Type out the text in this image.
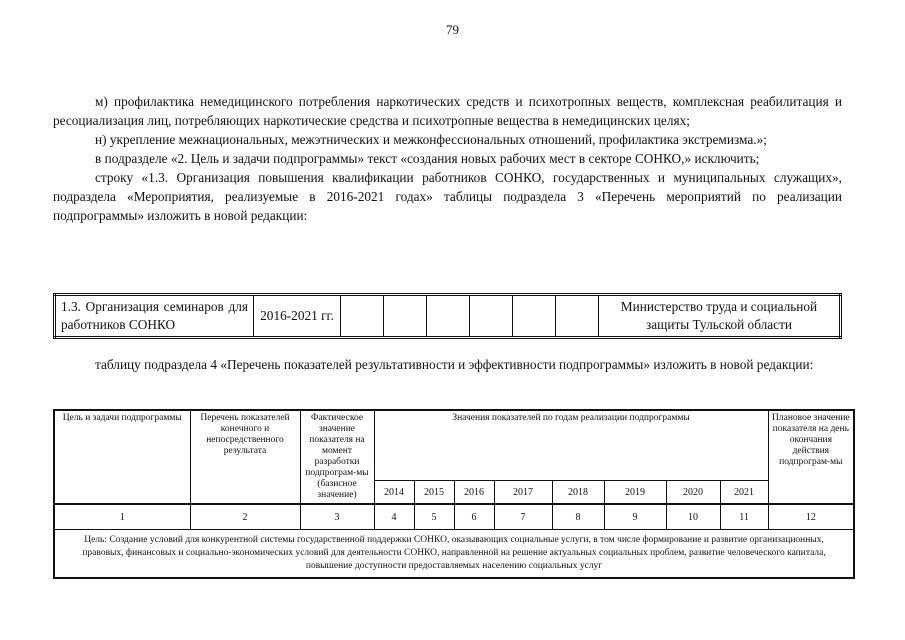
79

м) профилактика немедицинского потребления наркотических средств и психотропных веществ, комплексная реабилитация и ресоциализация лиц, потребляющих наркотические средства и психотропные вещества в немедицинских целях;

н) укрепление межнациональных, межэтнических и межконфессиональных отношений, профилактика экстремизма.»;

в подразделе «2. Цель и задачи подпрограммы» текст «создания новых рабочих мест в секторе СОНКО,» исключить;

строку «1.3. Организация повышения квалификации работников СОНКО, государственных и муниципальных служащих», подраздела «Мероприятия, реализуемые в 2016-2021 годах» таблицы подраздела 3 «Перечень мероприятий по реализации подпрограммы» изложить в новой редакции:

1.3. Организация семинаров для работников СОНКО	2016-2021 гг.							Министерство труда и социальной защиты Тульской области

таблицу подраздела 4 «Перечень показателей результативности и эффективности подпрограммы» изложить в новой редакции:

Цель и задачи подпрограммы	Перечень показателей конечного и непосредственного результата	Фактическое значение показателя на момент разработки подпрограм-мы (базисное значение)	Значения показателей по годам реализации подпрограммы								Плановое значение показателя на день окончания действия подпрограм-мы
			2014	2015	2016	2017	2018	2019	2020	2021	
1	2	3	4	5	6	7	8	9	10	11	12
Цель: Создание условий для конкурентной системы государственной поддержки СОНКО, оказывающих социальные услуги, в том числе формирование и развитие организационных, правовых, финансовых и социально-экономических условий для деятельности СОНКО, направленной на решение актуальных социальных проблем, развитие человеческого капитала, повышение доступности предоставляемых населению социальных услуг											
